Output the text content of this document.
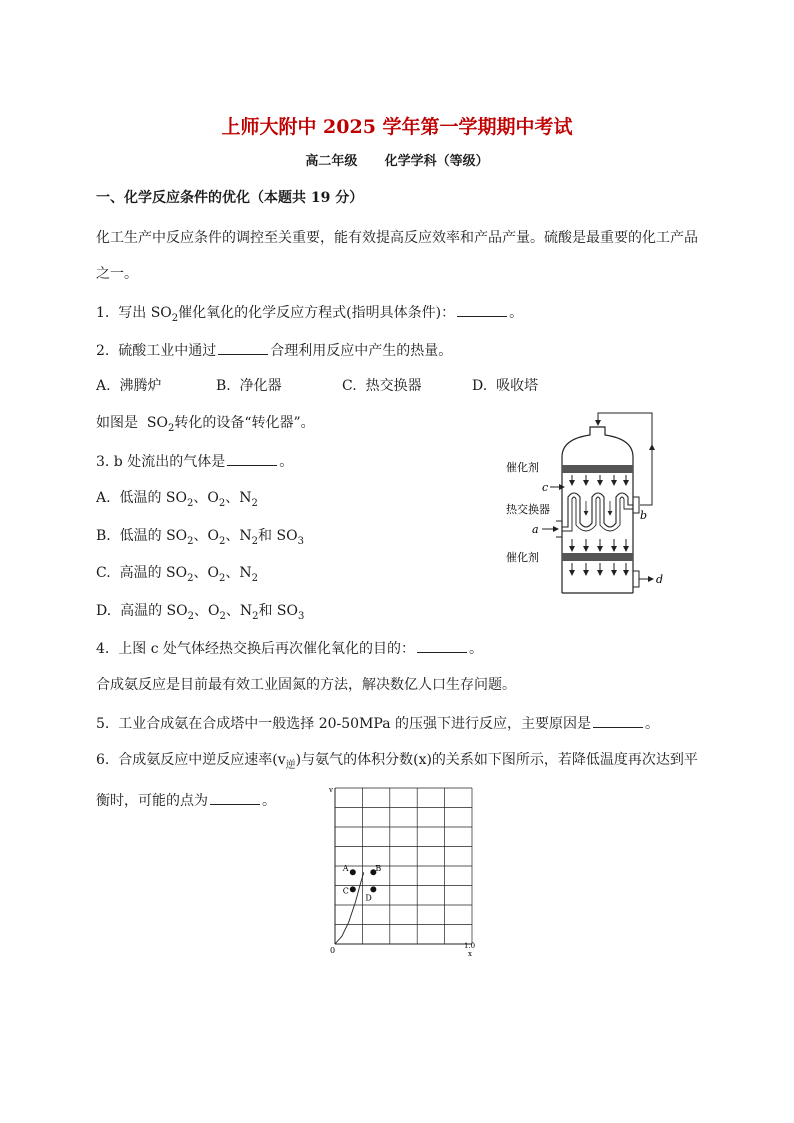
上师大附中 2025 学年第一学期期中考试
高二年级      化学学科（等级）
一、化学反应条件的优化（本题共 19 分）
化工生产中反应条件的调控至关重要，能有效提高反应效率和产品产量。硫酸是最重要的化工产品
之一。
1.  写出 $SO_2$催化氧化的化学反应方程式(指明具体条件)：	。
2.  硫酸工业中通过	合理利用反应中产生的热量。
A.  沸腾炉	B.  净化器	C.  热交换器	D.  吸收塔
如图是  $SO_2$转化的设备“转化器”。
3. b 处流出的气体是	。
A.  低温的 $SO_2$、$O_2$、$N_2$
B.  低温的 $SO_2$、$O_2$、$N_2$和 $SO_3$
C.  高温的 $SO_2$、$O_2$、$N_2$
D.  高温的 $SO_2$、$O_2$、$N_2$和 $SO_3$
催化剂
c
热交换器
a
b
催化剂
d
4.  上图 c 处气体经热交换后再次催化氧化的目的：	。
合成氨反应是目前最有效工业固氮的方法，解决数亿人口生存问题。
5.  工业合成氨在合成塔中一般选择 20-50MPa 的压强下进行反应，主要原因是	。
6.  合成氨反应中逆反应速率$(v_逆)$与氨气的体积分数(x)的关系如下图所示，若降低温度再次达到平
衡时，可能的点为	。
v
0	1.0
x
A	B
C
D
